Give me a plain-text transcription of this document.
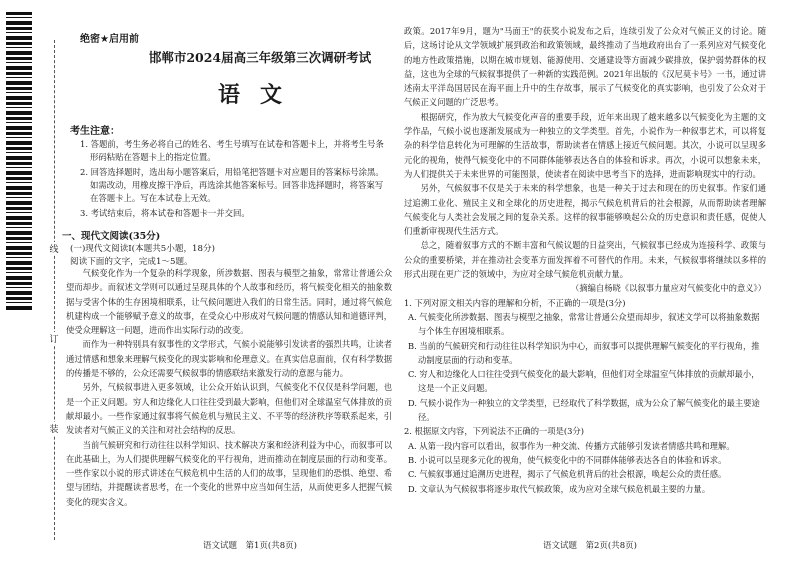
线
订
装
绝密★启用前
邯郸市2024届高三年级第三次调研考试
语文
考生注意：
1. 答题前，考生务必将自己的姓名、考生号填写在试卷和答题卡上，并将考生号条形码粘贴在答题卡上的指定位置。
2. 回答选择题时，选出每小题答案后，用铅笔把答题卡对应题目的答案标号涂黑。如需改动，用橡皮擦干净后，再选涂其他答案标号。回答非选择题时，将答案写在答题卡上。写在本试卷上无效。
3. 考试结束后，将本试卷和答题卡一并交回。
一、现代文阅读(35分)
(一)现代文阅读Ⅰ(本题共5小题，18分)
阅读下面的文字，完成1～5题。

气候变化作为一个复杂的科学现象，所涉数据、图表与模型之抽象，常常让普通公众望而却步。而叙述文学则可以通过呈现具体的个人故事和经历，将气候变化相关的抽象数据与受害个体的生存困境相联系，让气候问题进入我们的日常生活。同时，通过将气候危机建构成一个能够赋予意义的故事，在受众心中形成对气候问题的情感认知和道德评判，使受众理解这一问题，进而作出实际行动的改变。

而作为一种特别具有叙事性的文学形式，气候小说能够引发读者的强烈共鸣，让读者通过情感和想象来理解气候变化的现实影响和伦理意义。在真实信息面前，仅有科学数据的传播是不够的，公众还需要气候叙事的情感联结来激发行动的意愿与能力。

另外，气候叙事进入更多领域，让公众开始认识到，气候变化不仅仅是科学问题，也是一个正义问题。穷人和边缘化人口往往受到最大影响，但他们对全球温室气体排放的贡献却最小。一些作家通过叙事将气候危机与殖民主义、不平等的经济秩序等联系起来，引发读者对气候正义的关注和对社会结构的反思。

当前气候研究和行动往往以科学知识、技术解决方案和经济利益为中心，而叙事可以在此基础上，为人们提供理解气候变化的平行视角，进而推动在制度层面的行动和变革。一些作家以小说的形式讲述在气候危机中生活的人们的故事，呈现他们的恐惧、绝望、希望与团结，并提醒读者思考，在一个变化的世界中应当如何生活，从而使更多人把握气候变化的现实含义。

政策。2017年9月，题为"马面王"的获奖小说发布之后，连续引发了公众对气候正义的讨论。随后，这场讨论从文学领域扩展到政治和政策领域，最终推动了当地政府出台了一系列应对气候变化的地方性政策措施，以期在城市规划、能源使用、交通建设等方面减少碳排放，保护弱势群体的权益，这也为全球的气候叙事提供了一种新的实践范例。2021年出版的《汉尼莫卡号》一书，通过讲述南太平洋岛国居民在海平面上升中的生存故事，展示了气候变化的真实影响，也引发了公众对于气候正义问题的广泛思考。

根据研究，作为放大气候变化声音的重要手段，近年来出现了越来越多以气候变化为主题的文学作品，气候小说也逐渐发展成为一种独立的文学类型。首先，小说作为一种叙事艺术，可以将复杂的科学信息转化为可理解的生活故事，帮助读者在情感上接近气候问题。其次，小说可以呈现多元化的视角，使得气候变化中的不同群体能够表达各自的体验和诉求。再次，小说可以想象未来，为人们提供关于未来世界的可能图景，使读者在阅读中思考当下的选择，进而影响现实中的行动。

另外，气候叙事不仅是关于未来的科学想象，也是一种关于过去和现在的历史叙事。作家们通过追溯工业化、殖民主义和全球化的历史进程，揭示气候危机背后的社会根源，从而帮助读者理解气候变化与人类社会发展之间的复杂关系。这样的叙事能够唤起公众的历史意识和责任感，促使人们重新审视现代生活方式。

总之，随着叙事方式的不断丰富和气候议题的日益突出，气候叙事已经成为连接科学、政策与公众的重要桥梁，并在推动社会变革方面发挥着不可替代的作用。未来，气候叙事将继续以多样的形式出现在更广泛的领域中，为应对全球气候危机贡献力量。

（摘编自杨晓《以叙事力量应对气候变化中的意义》）

1. 下列对原文相关内容的理解和分析，不正确的一项是(3分)

A. 气候变化所涉数据、图表与模型之抽象，常常让普通公众望而却步，叙述文学可以将抽象数据与个体生存困境相联系。

B. 当前的气候研究和行动往往以科学知识为中心，而叙事可以提供理解气候变化的平行视角，推动制度层面的行动和变革。

C. 穷人和边缘化人口往往受到气候变化的最大影响，但他们对全球温室气体排放的贡献却最小，这是一个正义问题。

D. 气候小说作为一种独立的文学类型，已经取代了科学数据，成为公众了解气候变化的最主要途径。

2. 根据原文内容，下列说法不正确的一项是(3分)

A. 从第一段内容可以看出，叙事作为一种交流、传播方式能够引发读者情感共鸣和理解。

B. 小说可以呈现多元化的视角，使气候变化中的不同群体能够表达各自的体验和诉求。

C. 气候叙事通过追溯历史进程，揭示了气候危机背后的社会根源，唤起公众的责任感。

D. 文章认为气候叙事将逐步取代气候政策，成为应对全球气候危机最主要的力量。

语文试题　第1页(共8页)	语文试题　第2页(共8页)
